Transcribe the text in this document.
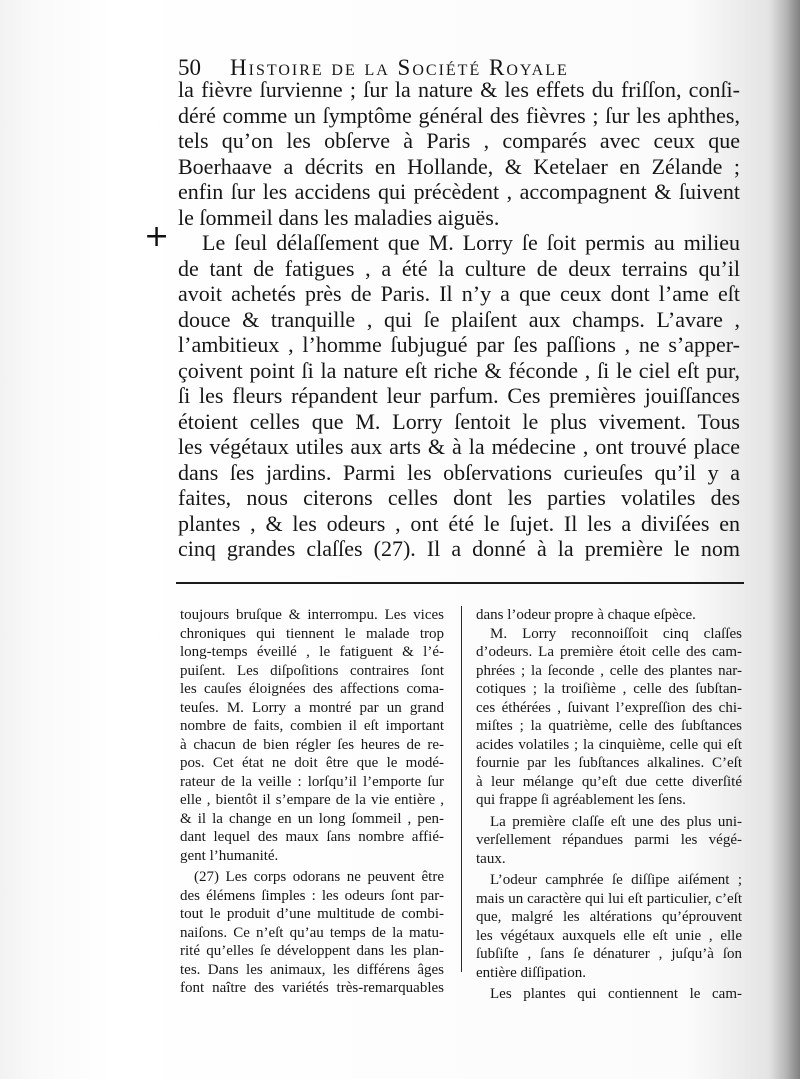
50 Histoire de la Société Royale
+
la fièvre ſurvienne ; ſur la nature & les effets du friſſon, conſi-
déré comme un ſymptôme général des fièvres ; ſur les aphthes,
tels qu’on les obſerve à Paris , comparés avec ceux que
Boerhaave a décrits en Hollande, & Ketelaer en Zélande ;
enfin ſur les accidens qui précèdent , accompagnent & ſuivent
le ſommeil dans les maladies aiguës.
Le ſeul délaſſement que M. Lorry ſe ſoit permis au milieu
de tant de fatigues , a été la culture de deux terrains qu’il
avoit achetés près de Paris. Il n’y a que ceux dont l’ame eſt
douce & tranquille , qui ſe plaiſent aux champs. L’avare ,
l’ambitieux , l’homme ſubjugué par ſes paſſions , ne s’apper-
çoivent point ſi la nature eſt riche & féconde , ſi le ciel eſt pur,
ſi les fleurs répandent leur parfum. Ces premières jouiſſances
étoient celles que M. Lorry ſentoit le plus vivement. Tous
les végétaux utiles aux arts & à la médecine , ont trouvé place
dans ſes jardins. Parmi les obſervations curieuſes qu’il y a
faites, nous citerons celles dont les parties volatiles des
plantes , & les odeurs , ont été le ſujet. Il les a diviſées en
cinq grandes claſſes (27). Il a donné à la première le nom
toujours bruſque & interrompu. Les vices
chroniques qui tiennent le malade trop
long-temps éveillé , le fatiguent & l’é-
puiſent. Les diſpoſitions contraires ſont
les cauſes éloignées des affections coma-
teuſes. M. Lorry a montré par un grand
nombre de faits, combien il eſt important
à chacun de bien régler ſes heures de re-
pos. Cet état ne doit être que le modé-
rateur de la veille : lorſqu’il l’emporte ſur
elle , bientôt il s’empare de la vie entière ,
& il la change en un long ſommeil , pen-
dant lequel des maux ſans nombre affié-
gent l’humanité.
(27) Les corps odorans ne peuvent être
des élémens ſimples : les odeurs ſont par-
tout le produit d’une multitude de combi-
naiſons. Ce n’eſt qu’au temps de la matu-
rité qu’elles ſe développent dans les plan-
tes. Dans les animaux, les différens âges
font naître des variétés très-remarquables
dans l’odeur propre à chaque eſpèce.
M. Lorry reconnoiſſoit cinq claſſes
d’odeurs. La première étoit celle des cam-
phrées ; la ſeconde , celle des plantes nar-
cotiques ; la troiſième , celle des ſubſtan-
ces éthérées , ſuivant l’expreſſion des chi-
miſtes ; la quatrième, celle des ſubſtances
acides volatiles ; la cinquième, celle qui eſt
fournie par les ſubſtances alkalines. C’eſt
à leur mélange qu’eſt due cette diverſité
qui frappe ſi agréablement les ſens.
La première claſſe eſt une des plus uni-
verſellement répandues parmi les végé-
taux.
L’odeur camphrée ſe diſſipe aiſément ;
mais un caractère qui lui eſt particulier, c’eſt
que, malgré les altérations qu’éprouvent
les végétaux auxquels elle eſt unie , elle
ſubſiſte , ſans ſe dénaturer , juſqu’à ſon
entière diſſipation.
Les plantes qui contiennent le cam-
